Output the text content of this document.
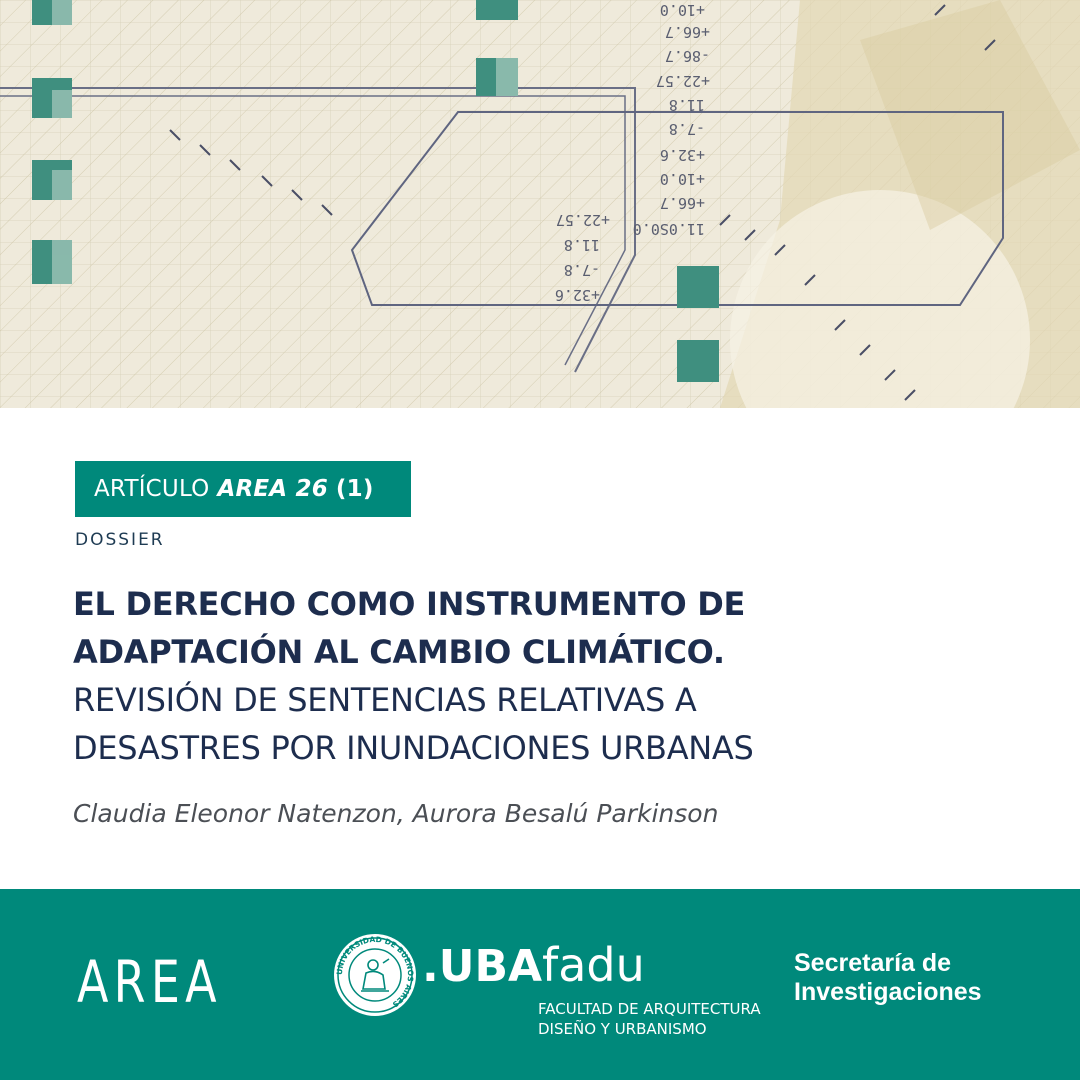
+10.0
+66.7
-86.7
+22.57
11.8
-7.8
+32.6
+10.0
+66.7
11.0S0.0
+22.57
11.8
-7.8
+32.6
ARTÍCULO AREA 26 (1)
DOSSIER
EL DERECHO COMO INSTRUMENTO DE
ADAPTACIÓN AL CAMBIO CLIMÁTICO.
REVISIÓN DE SENTENCIAS RELATIVAS A
DESASTRES POR INUNDACIONES URBANAS
Claudia Eleonor Natenzon, Aurora Besalú Parkinson
AREA	UNIVERSIDAD DE BUENOS AIRES
.UBAfadu
FACULTAD DE ARQUITECTURA
DISEÑO Y URBANISMO
Secretaría de
Investigaciones
